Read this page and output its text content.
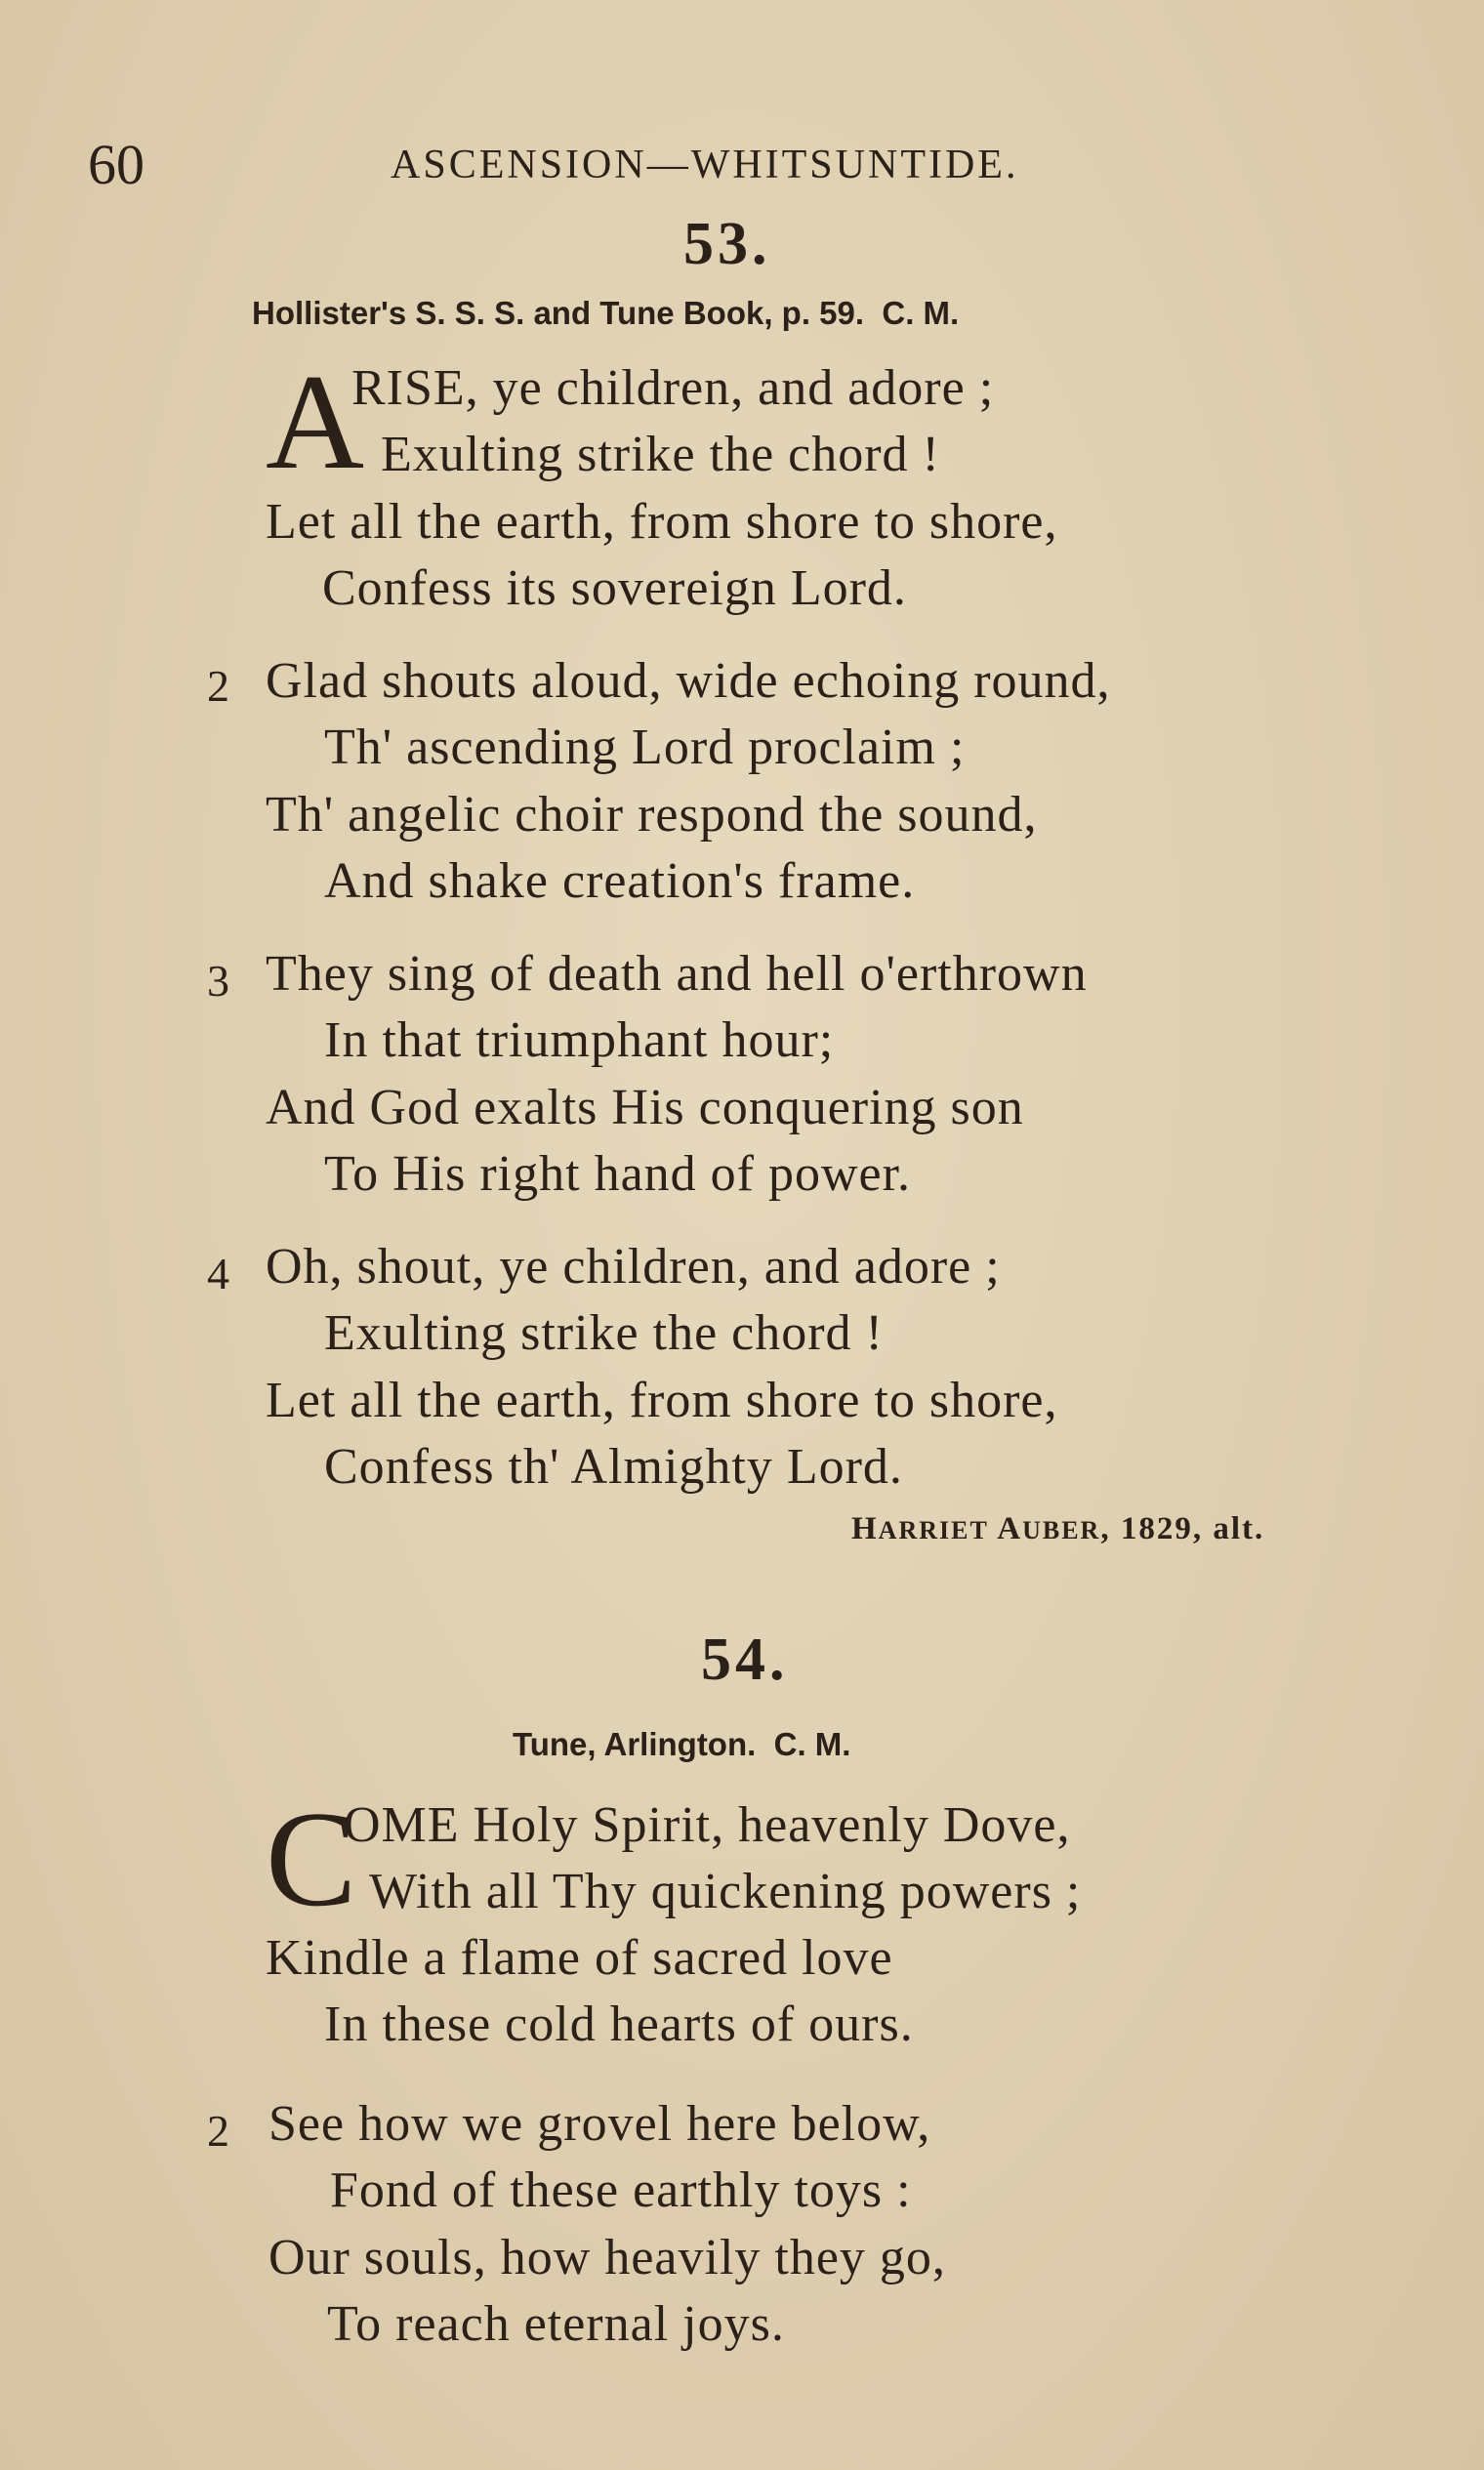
60	ASCENSION—WHITSUNTIDE.
53.
Hollister's S. S. S. and Tune Book, p. 59. C. M.
A
RISE, ye children, and adore ;
Exulting strike the chord !
Let all the earth, from shore to shore,
Confess its sovereign Lord.
2 Glad shouts aloud, wide echoing round,
Th' ascending Lord proclaim ;
Th' angelic choir respond the sound,
And shake creation's frame.
3 They sing of death and hell o'erthrown
In that triumphant hour;
And God exalts His conquering son
To His right hand of power.
4 Oh, shout, ye children, and adore ;
Exulting strike the chord !
Let all the earth, from shore to shore,
Confess th' Almighty Lord.
HARRIET AUBER, 1829, alt.
54.
Tune, Arlington. C. M.
C
OME Holy Spirit, heavenly Dove,
With all Thy quickening powers ;
Kindle a flame of sacred love
In these cold hearts of ours.
2 See how we grovel here below,
Fond of these earthly toys :
Our souls, how heavily they go,
To reach eternal joys.
